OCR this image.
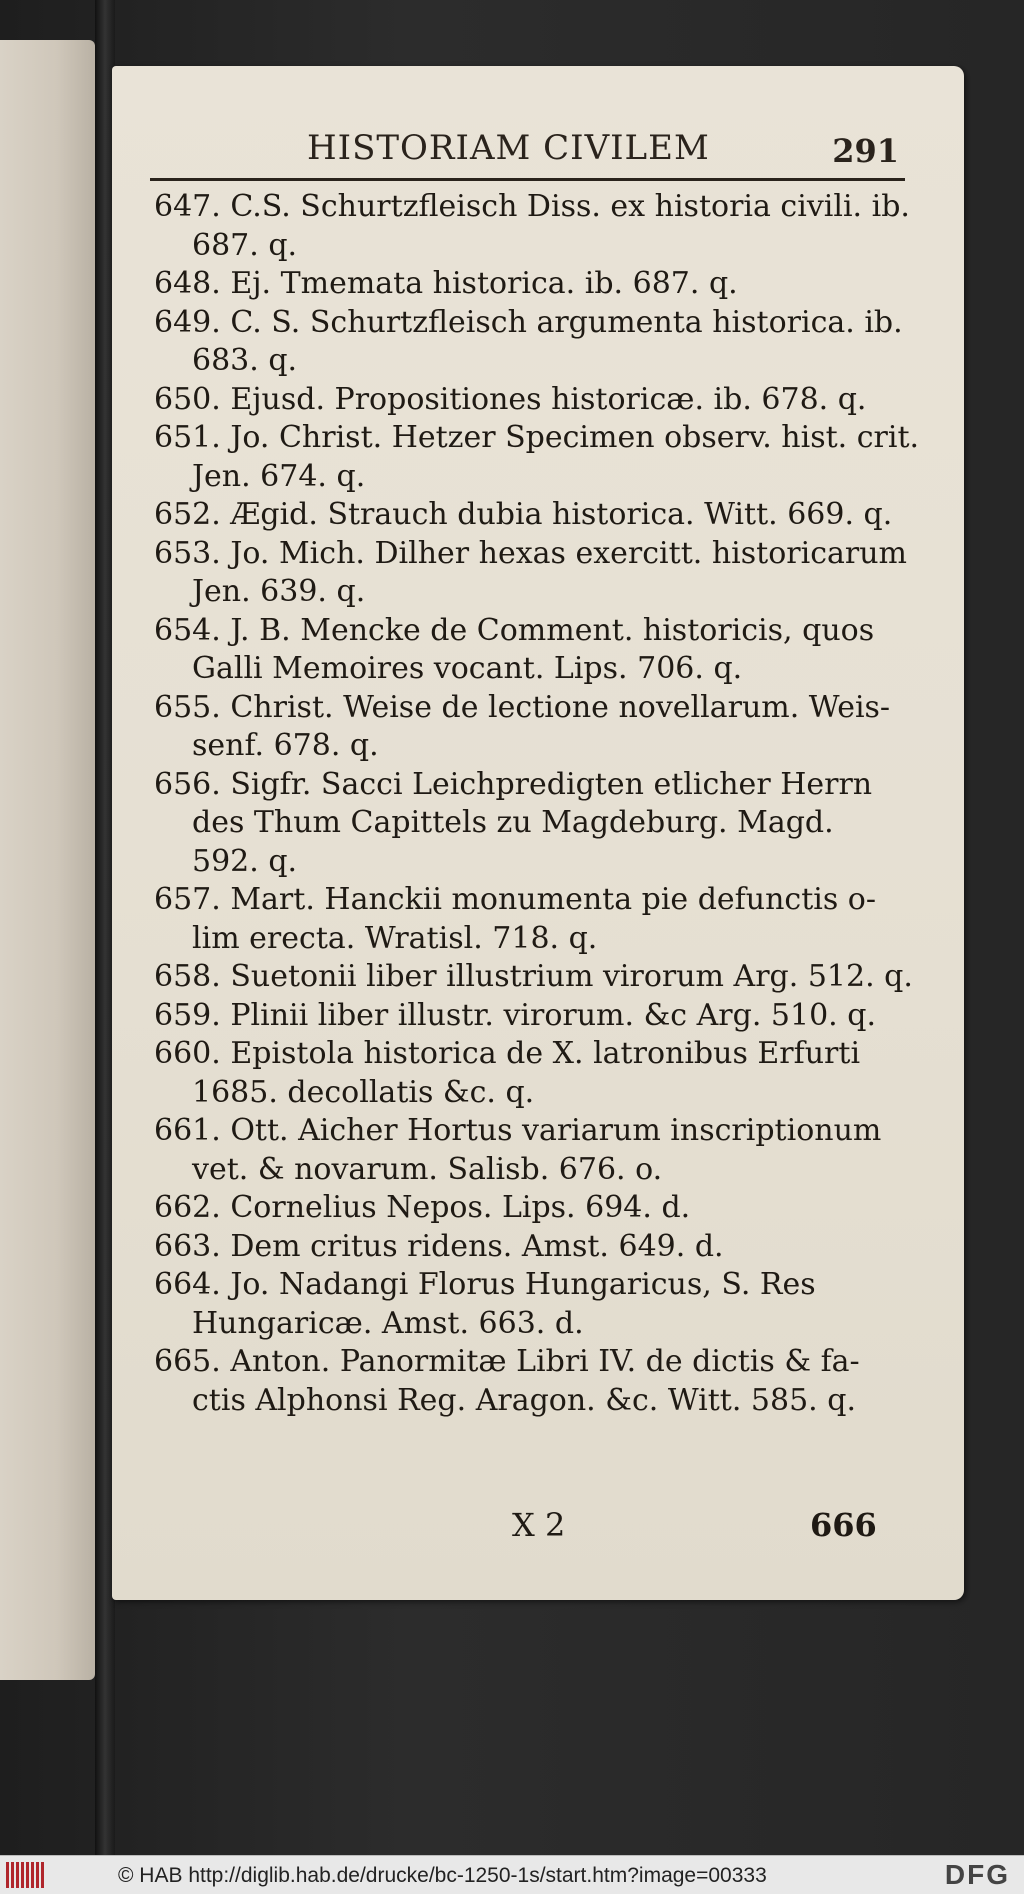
HISTORIAM CIVILEM	291
647. C.S. Schurtzfleisch Diss. ex historia civili. ib.
687. q.
648. Ej. Tmemata historica. ib. 687. q.
649. C. S. Schurtzfleisch argumenta historica. ib.
683. q.
650. Ejusd. Propositiones historicæ. ib. 678. q.
651. Jo. Christ. Hetzer Specimen observ. hist. crit.
Jen. 674. q.
652. Ægid. Strauch dubia historica. Witt. 669. q.
653. Jo. Mich. Dilher hexas exercitt. historicarum
Jen. 639. q.
654. J. B. Mencke de Comment. historicis, quos
Galli Memoires vocant. Lips. 706. q.
655. Christ. Weise de lectione novellarum. Weis-
senf. 678. q.
656. Sigfr. Sacci Leichpredigten etlicher Herrn
des Thum Capittels zu Magdeburg. Magd.
592. q.
657. Mart. Hanckii monumenta pie defunctis o-
lim erecta. Wratisl. 718. q.
658. Suetonii liber illustrium virorum Arg. 512. q.
659. Plinii liber illustr. virorum. &c Arg. 510. q.
660. Epistola historica de X. latronibus Erfurti
1685. decollatis &c. q.
661. Ott. Aicher Hortus variarum inscriptionum
vet. & novarum. Salisb. 676. o.
662. Cornelius Nepos. Lips. 694. d.
663. Dem critus ridens. Amst. 649. d.
664. Jo. Nadangi Florus Hungaricus, S. Res
Hungaricæ. Amst. 663. d.
665. Anton. Panormitæ Libri IV. de dictis & fa-
ctis Alphonsi Reg. Aragon. &c. Witt. 585. q.
X 2	666
© HAB http://diglib.hab.de/drucke/bc-1250-1s/start.htm?image=00333	DFG
